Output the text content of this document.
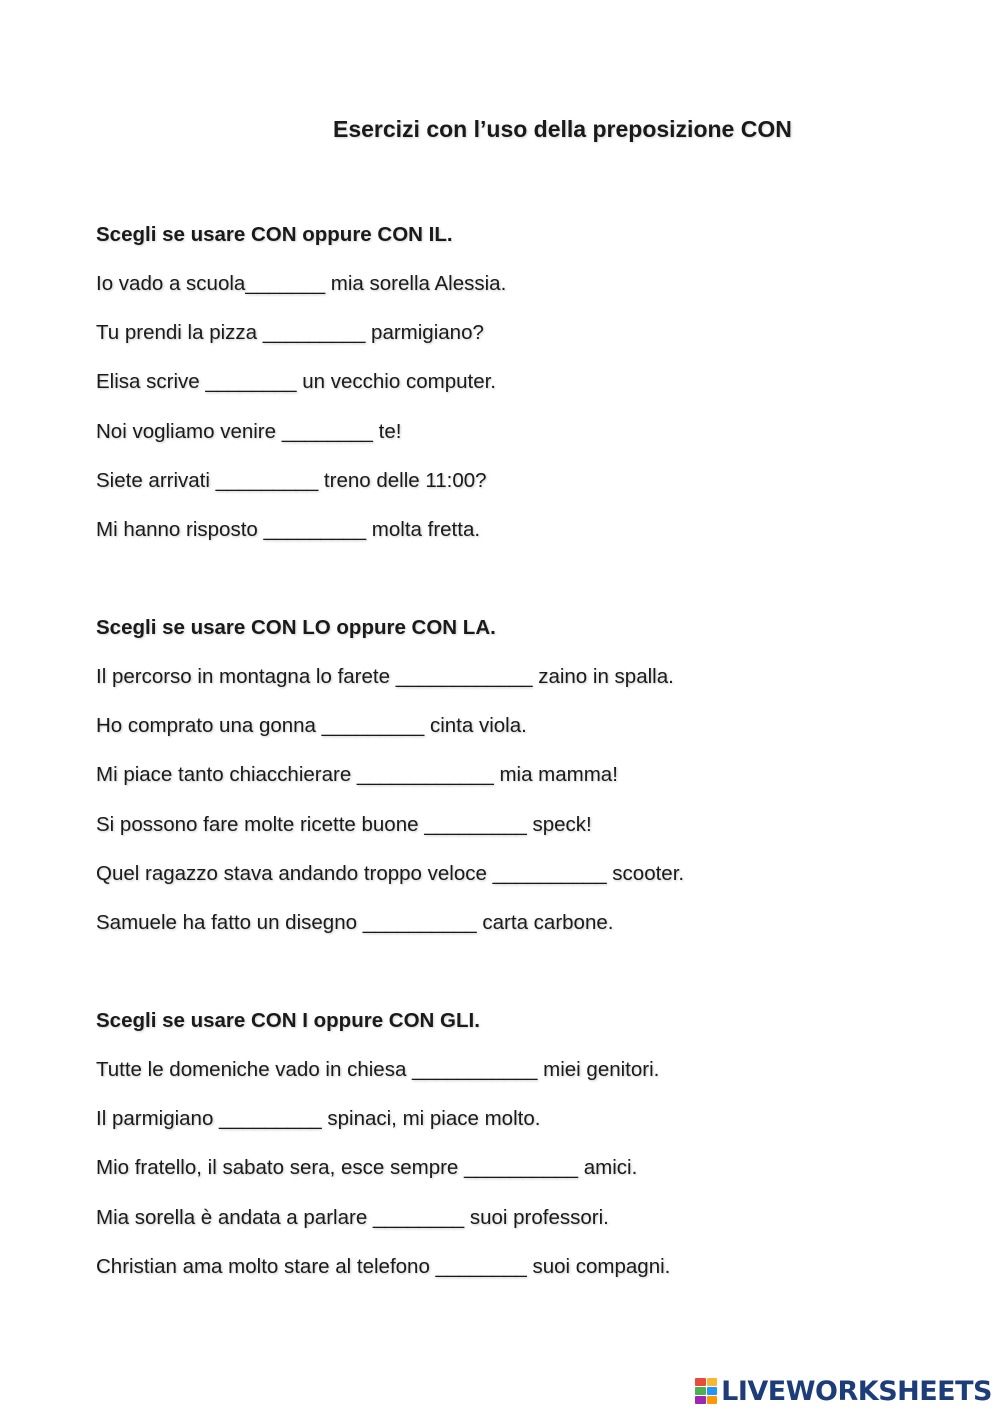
Esercizi con l’uso della preposizione CON
Scegli se usare CON oppure CON IL.
Io vado a scuola_______ mia sorella Alessia.
Tu prendi la pizza _________ parmigiano?
Elisa scrive ________ un vecchio computer.
Noi vogliamo venire ________ te!
Siete arrivati _________ treno delle 11:00?
Mi hanno risposto _________ molta fretta.
Scegli se usare CON LO oppure CON LA.
Il percorso in montagna lo farete ____________ zaino in spalla.
Ho comprato una gonna _________ cinta viola.
Mi piace tanto chiacchierare ____________ mia mamma!
Si possono fare molte ricette buone _________ speck!
Quel ragazzo stava andando troppo veloce __________ scooter.
Samuele ha fatto un disegno __________ carta carbone.
Scegli se usare CON I oppure CON GLI.
Tutte le domeniche vado in chiesa ___________ miei genitori.
Il parmigiano _________ spinaci, mi piace molto.
Mio fratello, il sabato sera, esce sempre __________ amici.
Mia sorella è andata a parlare ________ suoi professori.
Christian ama molto stare al telefono ________ suoi compagni.
LIVEWORKSHEETS
